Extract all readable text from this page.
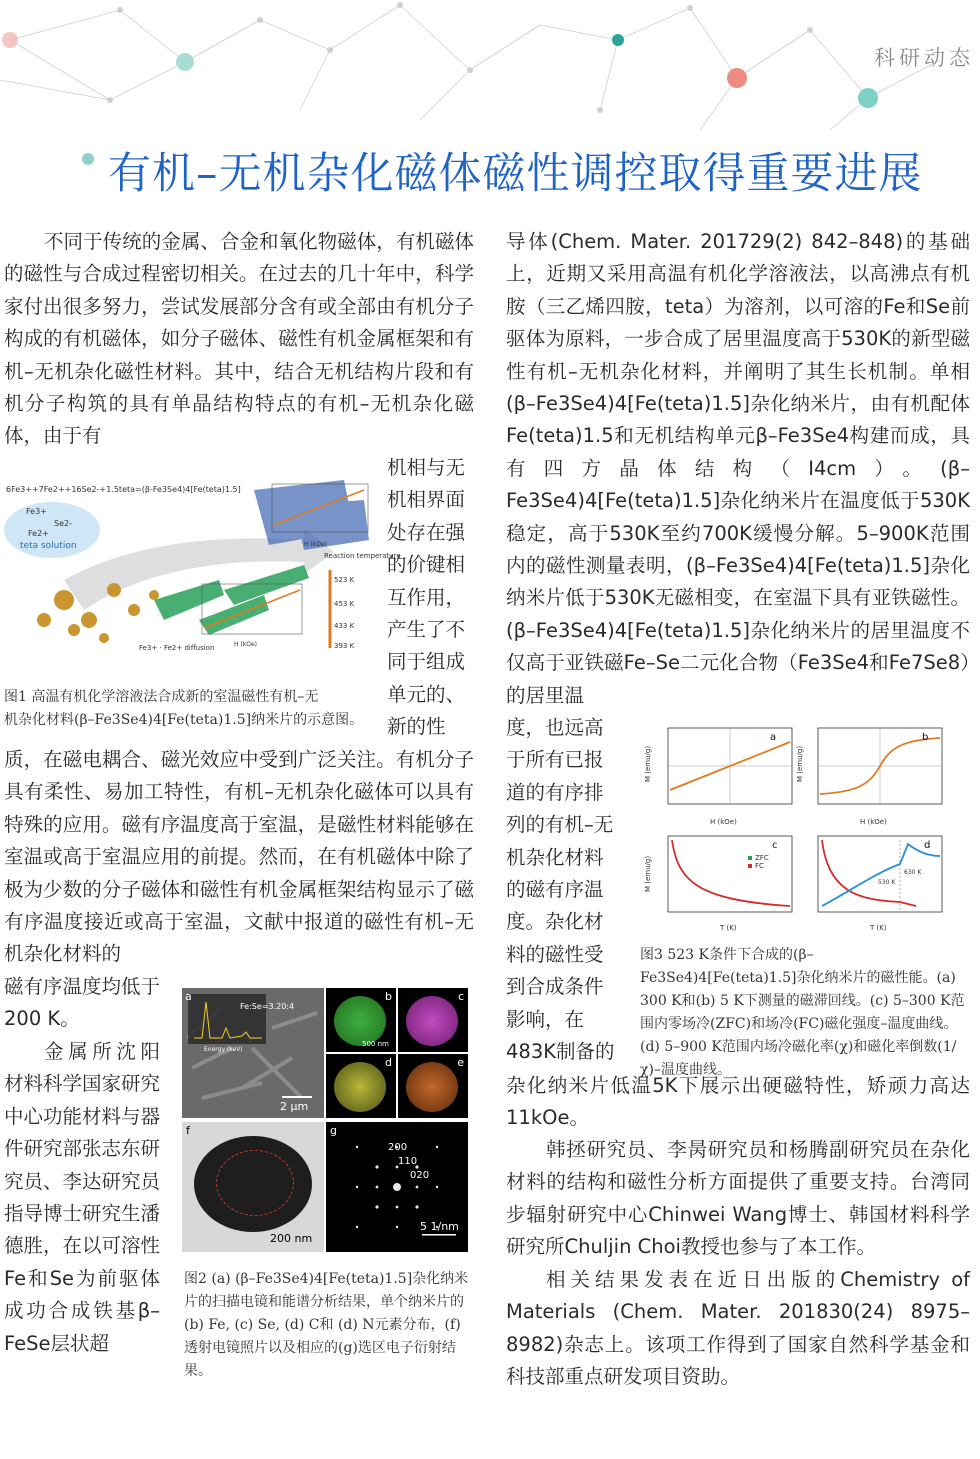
科研动态
有机–无机杂化磁体磁性调控取得重要进展

不同于传统的金属、合金和氧化物磁体，有机磁体的磁性与合成过程密切相关。在过去的几十年中，科学家付出很多努力，尝试发展部分含有或全部由有机分子构成的有机磁体，如分子磁体、磁性有机金属框架和有机–无机杂化磁性材料。其中，结合无机结构片段和有机分子构筑的具有单晶结构特点的有机–无机杂化磁体，由于有

机相与无机相界面处存在强的价键相互作用，产生了不同于组成单元的、新的性

质，在磁电耦合、磁光效应中受到广泛关注。有机分子具有柔性、易加工特性，有机–无机杂化磁体可以具有特殊的应用。磁有序温度高于室温，是磁性材料能够在室温或高于室温应用的前提。然而，在有机磁体中除了极为少数的分子磁体和磁性有机金属框架结构显示了磁有序温度接近或高于室温，文献中报道的磁性有机–无机杂化材料的

磁有序温度均低于200 K。

金属所沈阳材料科学国家研究中心功能材料与器件研究部张志东研究员、李达研究员指导博士研究生潘德胜，在以可溶性Fe和Se为前驱体成功合成铁基β–FeSe层状超

6Fe3++7Fe2++16Se2-+1.5teta=(β-Fe3Se4)4[Fe(teta)1.5]
Fe3+
Se2-
Fe2+
teta solution
Reaction temperature
523 K
453 K
433 K
393 K
Fe3+ · Fe2+ diffusion	H (kOe)
H (kOe)

图1 高温有机化学溶液法合成新的室温磁性有机–无
机杂化材料(β–Fe3Se4)4[Fe(teta)1.5]纳米片的示意图。

a
Fe:Se=3.20:4
Energy (keV)
2 μm
b
500 nm
c
d	e
f
200 nm
g
200
110
020
5 1/nm

图2 (a) (β–Fe3Se4)4[Fe(teta)1.5]杂化纳米片的扫描电镜和能谱分析结果，单个纳米片的(b) Fe, (c) Se, (d) C和 (d) N元素分布，(f)透射电镜照片以及相应的(g)选区电子衍射结果。

导体(Chem. Mater. 201729(2) 842–848)的基础上，近期又采用高温有机化学溶液法，以高沸点有机胺（三乙烯四胺，teta）为溶剂，以可溶的Fe和Se前驱体为原料，一步合成了居里温度高于530K的新型磁性有机–无机杂化材料，并阐明了其生长机制。单相(β–Fe3Se4)4[Fe(teta)1.5]杂化纳米片，由有机配体Fe(teta)1.5和无机结构单元β–Fe3Se4构建而成，具有四方晶体结构（I4cm）。(β–Fe3Se4)4[Fe(teta)1.5]杂化纳米片在温度低于530K稳定，高于530K至约700K缓慢分解。5–900K范围内的磁性测量表明，(β–Fe3Se4)4[Fe(teta)1.5]杂化纳米片低于530K无磁相变，在室温下具有亚铁磁性。(β–Fe3Se4)4[Fe(teta)1.5]杂化纳米片的居里温度不仅高于亚铁磁Fe–Se二元化合物（Fe3Se4和Fe7Se8）的居里温

度，也远高于所有已报道的有序排列的有机–无机杂化材料的磁有序温度。杂化材料的磁性受到合成条件影响，在483K制备的

杂化纳米片低温5K下展示出硬磁特性，矫顽力高达11kOe。

韩拯研究员、李昺研究员和杨腾副研究员在杂化材料的结构和磁性分析方面提供了重要支持。台湾同步辐射研究中心Chinwei Wang博士、韩国材料科学研究所Chuljin Choi教授也参与了本工作。

相关结果发表在近日出版的Chemistry of Materials (Chem. Mater. 201830(24) 8975–8982)杂志上。该项工作得到了国家自然科学基金和科技部重点研发项目资助。

a
H (kOe)
M (emu/g)
b
H (kOe)
M (emu/g)
c
ZFC
FC
T (K)
M (emu/g)
d
630 K
530 K
T (K)

图3 523 K条件下合成的(β–Fe3Se4)4[Fe(teta)1.5]杂化纳米片的磁性能。(a) 300 K和(b) 5 K下测量的磁滞回线。(c) 5–300 K范围内零场冷(ZFC)和场冷(FC)磁化强度–温度曲线。(d) 5–900 K范围内场冷磁化率(χ)和磁化率倒数(1/χ)–温度曲线。
